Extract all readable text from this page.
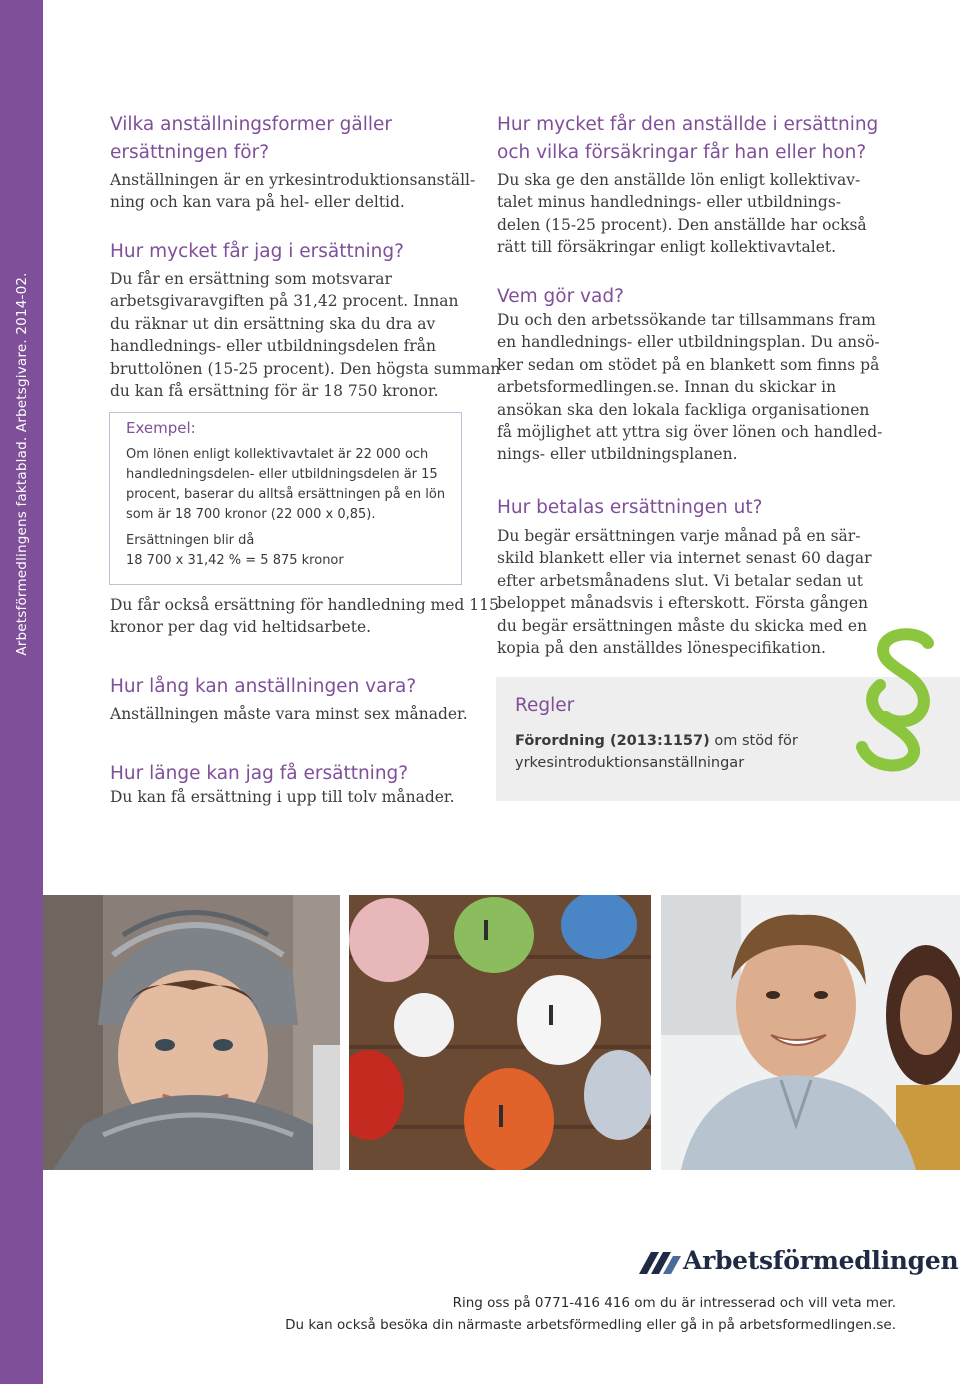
Arbetsförmedlingens faktablad. Arbetsgivare. 2014-02.
Vilka anställningsformer gäller
ersättningen för?

Anställningen är en yrkesintroduktionsanställ-
ning och kan vara på hel- eller deltid.

Hur mycket får jag i ersättning?

Du får en ersättning som motsvarar
arbetsgivaravgiften på 31,42 procent. Innan
du räknar ut din ersättning ska du dra av
handlednings- eller utbildningsdelen från
bruttolönen (15-25 procent). Den högsta summan
du kan få ersättning för är 18 750 kronor.

Exempel:

Om lönen enligt kollektivavtalet är 22 000 och handledningsdelen- eller utbildningsdelen är 15 procent, baserar du alltså ersättningen på en lön som är 18 700 kronor (22 000 x 0,85).
Ersättningen blir då
18 700 x 31,42 % = 5 875 kronor

Du får också ersättning för handledning med 115
kronor per dag vid heltidsarbete.

Hur lång kan anställningen vara?

Anställningen måste vara minst sex månader.

Hur länge kan jag få ersättning?

Du kan få ersättning i upp till tolv månader.

Hur mycket får den anställde i ersättning
och vilka försäkringar får han eller hon?

Du ska ge den anställde lön enligt kollektivav-
talet minus handlednings- eller utbildnings-
delen (15-25 procent). Den anställde har också
rätt till försäkringar enligt kollektivavtalet.

Vem gör vad?

Du och den arbetssökande tar tillsammans fram
en handlednings- eller utbildningsplan. Du ansö-
ker sedan om stödet på en blankett som finns på
arbetsformedlingen.se. Innan du skickar in
ansökan ska den lokala fackliga organisationen
få möjlighet att yttra sig över lönen och handled-
nings- eller utbildningsplanen.

Hur betalas ersättningen ut?

Du begär ersättningen varje månad på en sär-
skild blankett eller via internet senast 60 dagar
efter arbetsmånadens slut. Vi betalar sedan ut
beloppet månadsvis i efterskott. Första gången
du begär ersättningen måste du skicka med en
kopia på den anställdes lönespecifikation.

Regler

Förordning (2013:1157) om stöd för
yrkesintroduktionsanställningar

Arbetsförmedlingen

Ring oss på 0771-416 416 om du är intresserad och vill veta mer.

Du kan också besöka din närmaste arbetsförmedling eller gå in på arbetsformedlingen.se.
